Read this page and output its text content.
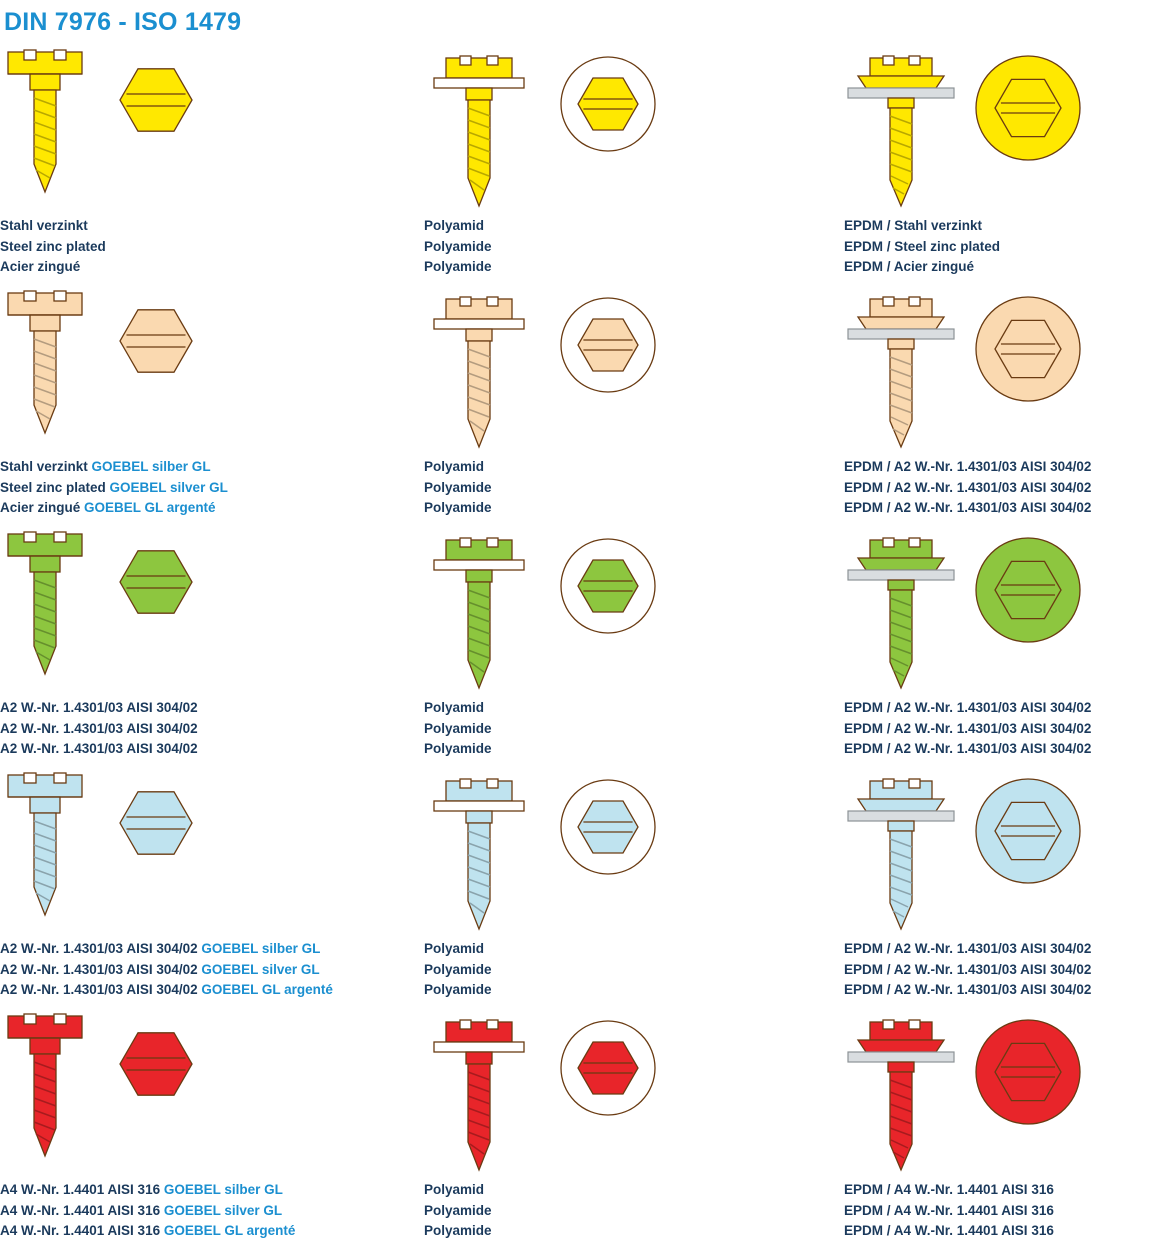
DIN 7976 - ISO 1479
Stahl verzinkt
Steel zinc plated
Acier zingué
Polyamid
Polyamide
Polyamide
EPDM / Stahl verzinkt
EPDM / Steel zinc plated
EPDM / Acier zingué
Stahl verzinkt GOEBEL silber GL
Steel zinc plated GOEBEL silver GL
Acier zingué GOEBEL GL argenté
Polyamid
Polyamide
Polyamide
EPDM / A2 W.-Nr. 1.4301/03 AISI 304/02
EPDM / A2 W.-Nr. 1.4301/03 AISI 304/02
EPDM / A2 W.-Nr. 1.4301/03 AISI 304/02
A2 W.-Nr. 1.4301/03 AISI 304/02
A2 W.-Nr. 1.4301/03 AISI 304/02
A2 W.-Nr. 1.4301/03 AISI 304/02
Polyamid
Polyamide
Polyamide
EPDM / A2 W.-Nr. 1.4301/03 AISI 304/02
EPDM / A2 W.-Nr. 1.4301/03 AISI 304/02
EPDM / A2 W.-Nr. 1.4301/03 AISI 304/02
A2 W.-Nr. 1.4301/03 AISI 304/02 GOEBEL silber GL
A2 W.-Nr. 1.4301/03 AISI 304/02 GOEBEL silver GL
A2 W.-Nr. 1.4301/03 AISI 304/02 GOEBEL GL argenté
Polyamid
Polyamide
Polyamide
EPDM / A2 W.-Nr. 1.4301/03 AISI 304/02
EPDM / A2 W.-Nr. 1.4301/03 AISI 304/02
EPDM / A2 W.-Nr. 1.4301/03 AISI 304/02
A4 W.-Nr. 1.4401 AISI 316 GOEBEL silber GL
A4 W.-Nr. 1.4401 AISI 316 GOEBEL silver GL
A4 W.-Nr. 1.4401 AISI 316 GOEBEL GL argenté
Polyamid
Polyamide
Polyamide
EPDM / A4 W.-Nr. 1.4401 AISI 316
EPDM / A4 W.-Nr. 1.4401 AISI 316
EPDM / A4 W.-Nr. 1.4401 AISI 316
